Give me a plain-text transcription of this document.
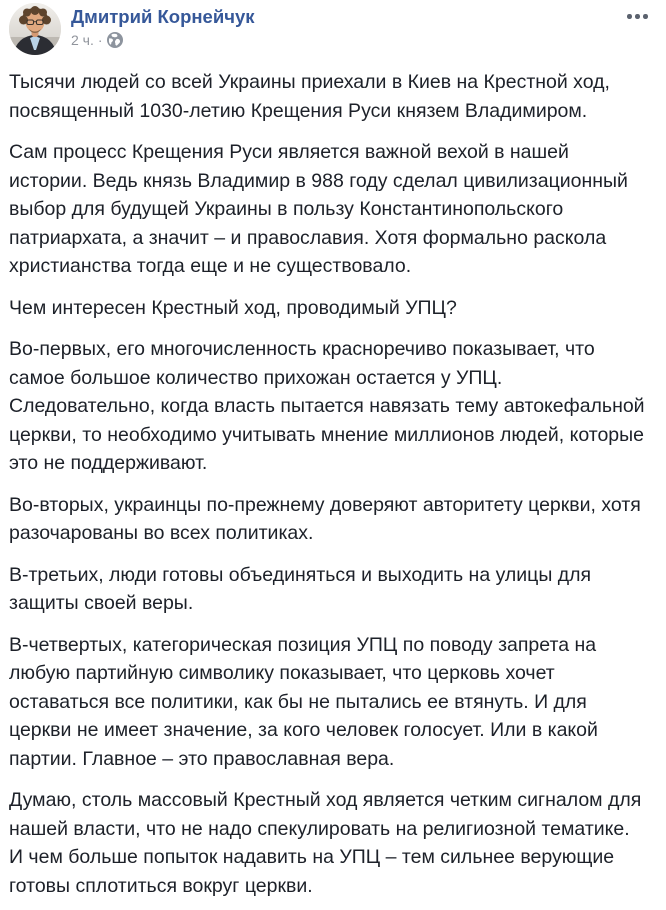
Дмитрий Корнейчук
2 ч. ·

Тысячи людей со всей Украины приехали в Киев на Крестной ход, посвященный 1030-летию Крещения Руси князем Владимиром.

Сам процесс Крещения Руси является важной вехой в нашей истории. Ведь князь Владимир в 988 году сделал цивилизационный выбор для будущей Украины в пользу Константинопольского патриархата, а значит – и православия. Хотя формально раскола христианства тогда еще и не существовало.

Чем интересен Крестный ход, проводимый УПЦ?

Во-первых, его многочисленность красноречиво показывает, что самое большое количество прихожан остается у УПЦ. Следовательно, когда власть пытается навязать тему автокефальной церкви, то необходимо учитывать мнение миллионов людей, которые это не поддерживают.

Во-вторых, украинцы по-прежнему доверяют авторитету церкви, хотя разочарованы во всех политиках.

В-третьих, люди готовы объединяться и выходить на улицы для защиты своей веры.

В-четвертых, категорическая позиция УПЦ по поводу запрета на любую партийную символику показывает, что церковь хочет оставаться все политики, как бы не пытались ее втянуть. И для церкви не имеет значение, за кого человек голосует. Или в какой партии. Главное – это православная вера.

Думаю, столь массовый Крестный ход является четким сигналом для нашей власти, что не надо спекулировать на религиозной тематике. И чем больше попыток надавить на УПЦ – тем сильнее верующие готовы сплотиться вокруг церкви.
